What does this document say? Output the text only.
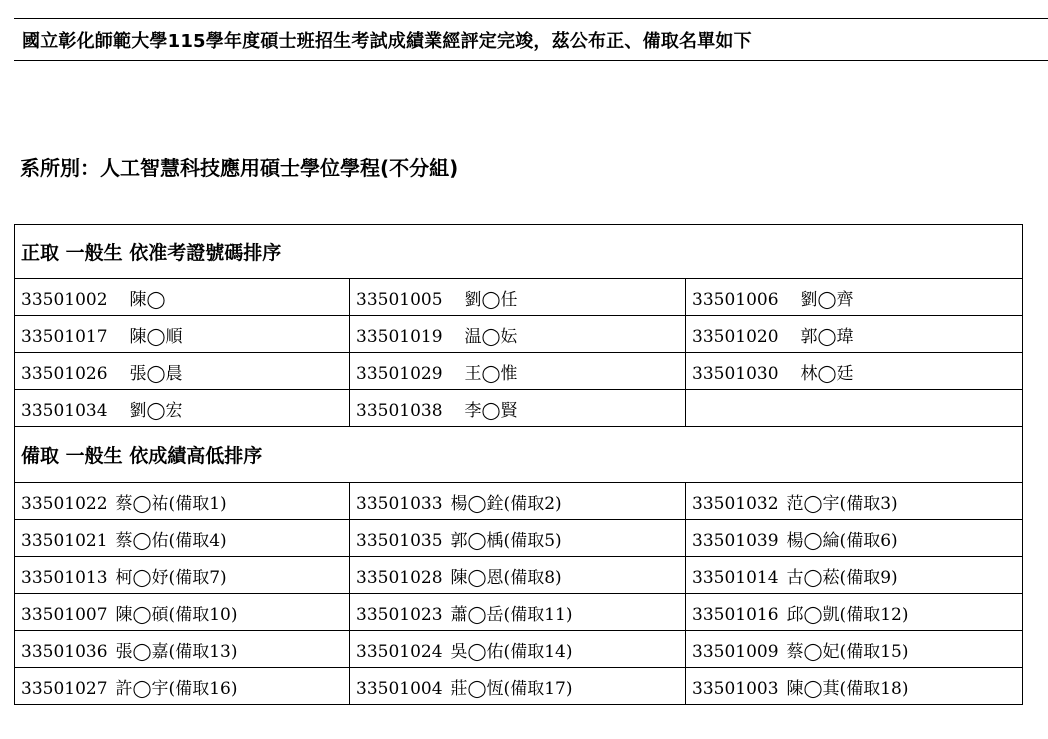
國立彰化師範大學115學年度碩士班招生考試成績業經評定完竣，茲公布正、備取名單如下
系所別：人工智慧科技應用碩士學位學程(不分組)
正取 一般生 依准考證號碼排序		
33501002 陳◯	33501005 劉◯任	33501006 劉◯齊
33501017 陳◯順	33501019 温◯妘	33501020 郭◯瑋
33501026 張◯晨	33501029 王◯惟	33501030 林◯廷
33501034 劉◯宏	33501038 李◯賢	
備取 一般生 依成績高低排序		
33501022 蔡◯祐(備取1)	33501033 楊◯銓(備取2)	33501032 范◯宇(備取3)
33501021 蔡◯佑(備取4)	33501035 郭◯楀(備取5)	33501039 楊◯綸(備取6)
33501013 柯◯妤(備取7)	33501028 陳◯恩(備取8)	33501014 古◯菘(備取9)
33501007 陳◯碩(備取10)	33501023 蕭◯岳(備取11)	33501016 邱◯凱(備取12)
33501036 張◯嘉(備取13)	33501024 吳◯佑(備取14)	33501009 蔡◯妃(備取15)
33501027 許◯宇(備取16)	33501004 莊◯恆(備取17)	33501003 陳◯萁(備取18)
